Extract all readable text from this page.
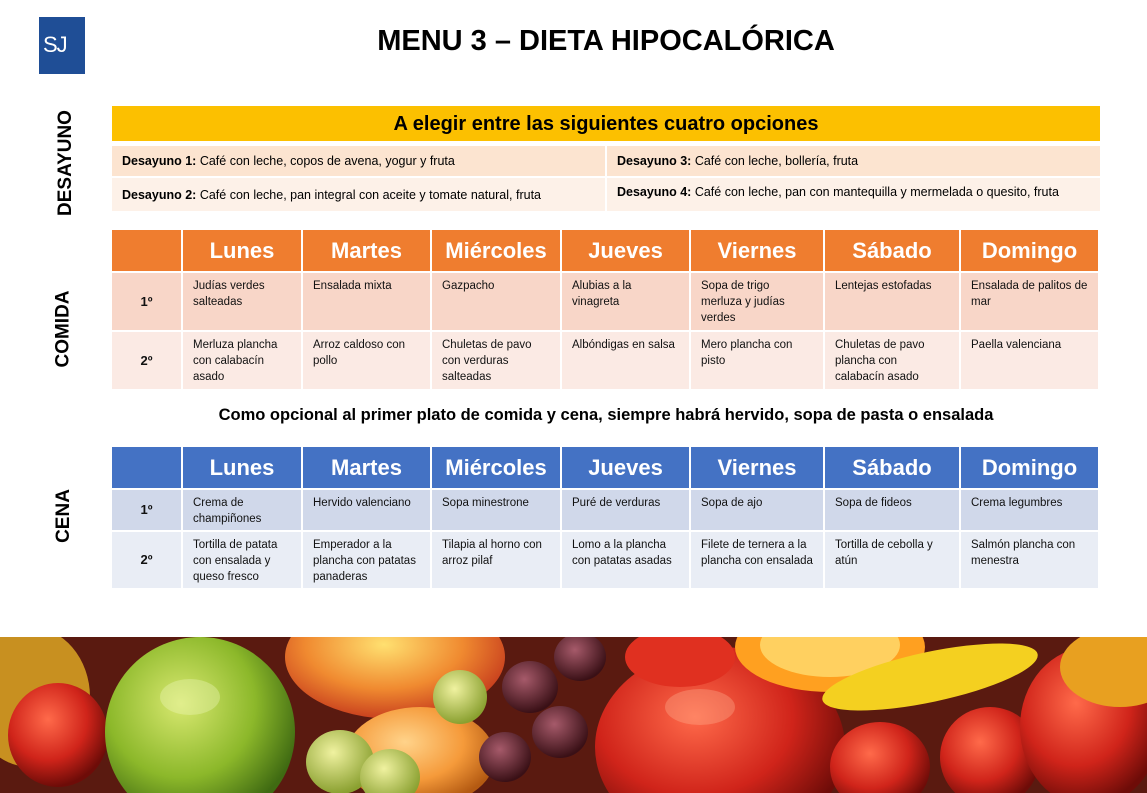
SJ	MENU 3 – DIETA HIPOCALÓRICA
DESAYUNO
COMIDA
CENA
A elegir entre las siguientes cuatro opciones
Desayuno 1: Café con leche, copos de avena, yogur y fruta
Desayuno 2: Café con leche, pan integral con aceite y tomate natural, fruta
Desayuno 3: Café con leche, bollería, fruta
Desayuno 4: Café con leche, pan con mantequilla y mermelada o quesito, fruta
	Lunes	Martes	Miércoles	Jueves	Viernes	Sábado	Domingo
1º	Judías verdes salteadas	Ensalada mixta	Gazpacho	Alubias a la vinagreta	Sopa de trigo merluza y judías verdes	Lentejas estofadas	Ensalada de palitos de mar
2º	Merluza plancha con calabacín asado	Arroz caldoso con pollo	Chuletas de pavo con verduras salteadas	Albóndigas en salsa	Mero plancha con pisto	Chuletas de pavo plancha con calabacín asado	Paella valenciana
Como opcional al primer plato de comida y cena, siempre habrá hervido, sopa de pasta o ensalada
	Lunes	Martes	Miércoles	Jueves	Viernes	Sábado	Domingo
1º	Crema de champiñones	Hervido valenciano	Sopa minestrone	Puré de verduras	Sopa de ajo	Sopa de fideos	Crema legumbres
2º	Tortilla de patata con ensalada y queso fresco	Emperador a la plancha con patatas panaderas	Tilapia al horno con arroz pilaf	Lomo a la plancha con patatas asadas	Filete de ternera a la plancha con ensalada	Tortilla de cebolla y atún	Salmón plancha con menestra
